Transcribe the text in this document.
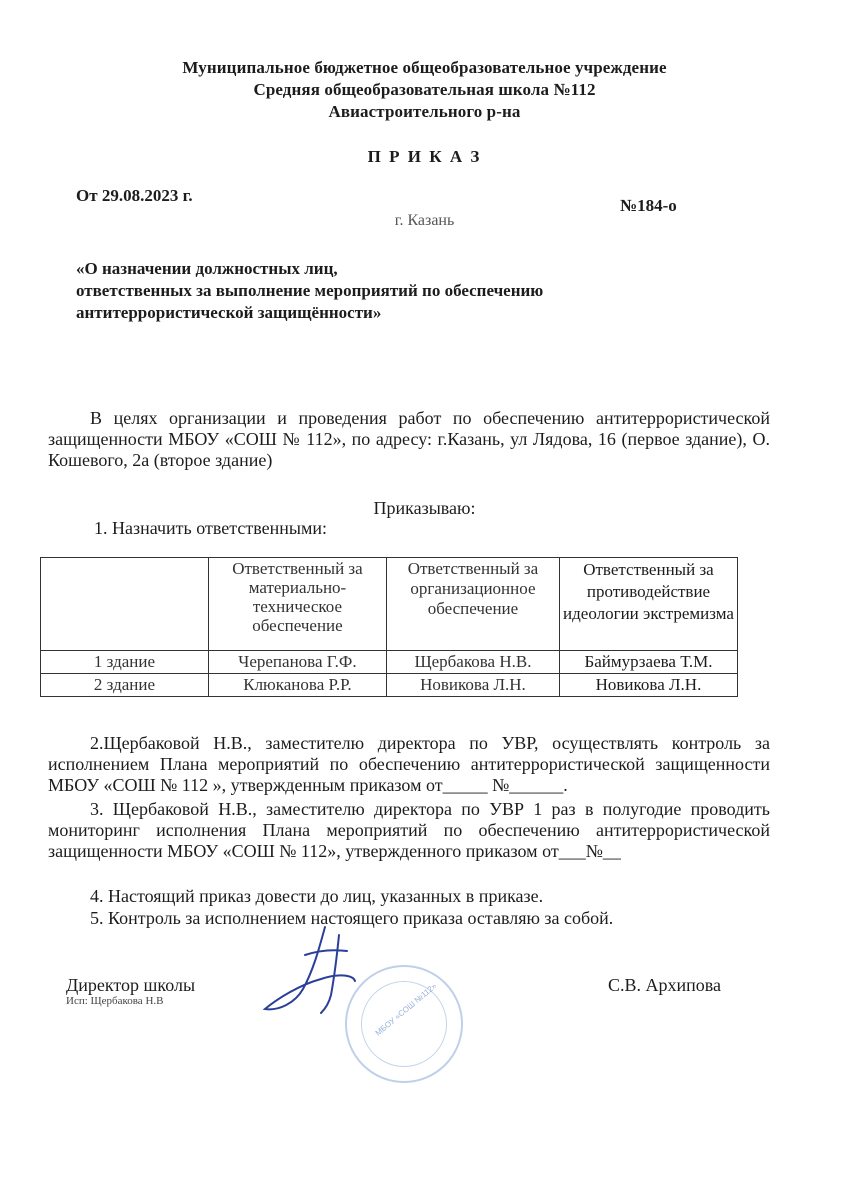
Муниципальное бюджетное общеобразовательное учреждение
Средняя общеобразовательная школа №112
Авиастроительного р-на
П Р И К А З
От 29.08.2023 г.
№184-о
г. Казань
«О назначении должностных лиц,
ответственных за выполнение мероприятий по обеспечению
антитеррористической защищённости»
В целях организации и проведения работ по обеспечению антитеррористической защищенности МБОУ «СОШ № 112», по адресу: г.Казань, ул Лядова, 16 (первое здание), О. Кошевого, 2а (второе здание)
Приказываю:
1. Назначить ответственными:
	Ответственный за материально-техническое обеспечение	Ответственный за организационное обеспечение	Ответственный за противодействие идеологии экстремизма
1 здание	Черепанова Г.Ф.	Щербакова Н.В.	Баймурзаева Т.М.
2 здание	Клюканова Р.Р.	Новикова Л.Н.	Новикова Л.Н.
2.Щербаковой Н.В., заместителю директора по УВР, осуществлять контроль за исполнением Плана мероприятий по обеспечению антитеррористической защищенности МБОУ «СОШ № 112 », утвержденным приказом от_____ №______.
3. Щербаковой Н.В., заместителю директора по УВР 1 раз в полугодие проводить мониторинг исполнения Плана мероприятий по обеспечению антитеррористической защищенности МБОУ «СОШ № 112», утвержденного приказом от___№__
4. Настоящий приказ довести до лиц, указанных в приказе.
5. Контроль за исполнением настоящего приказа оставляю за собой.
Директор школы
Исп: Щербакова Н.В
С.В. Архипова
МБОУ «СОШ №112»
